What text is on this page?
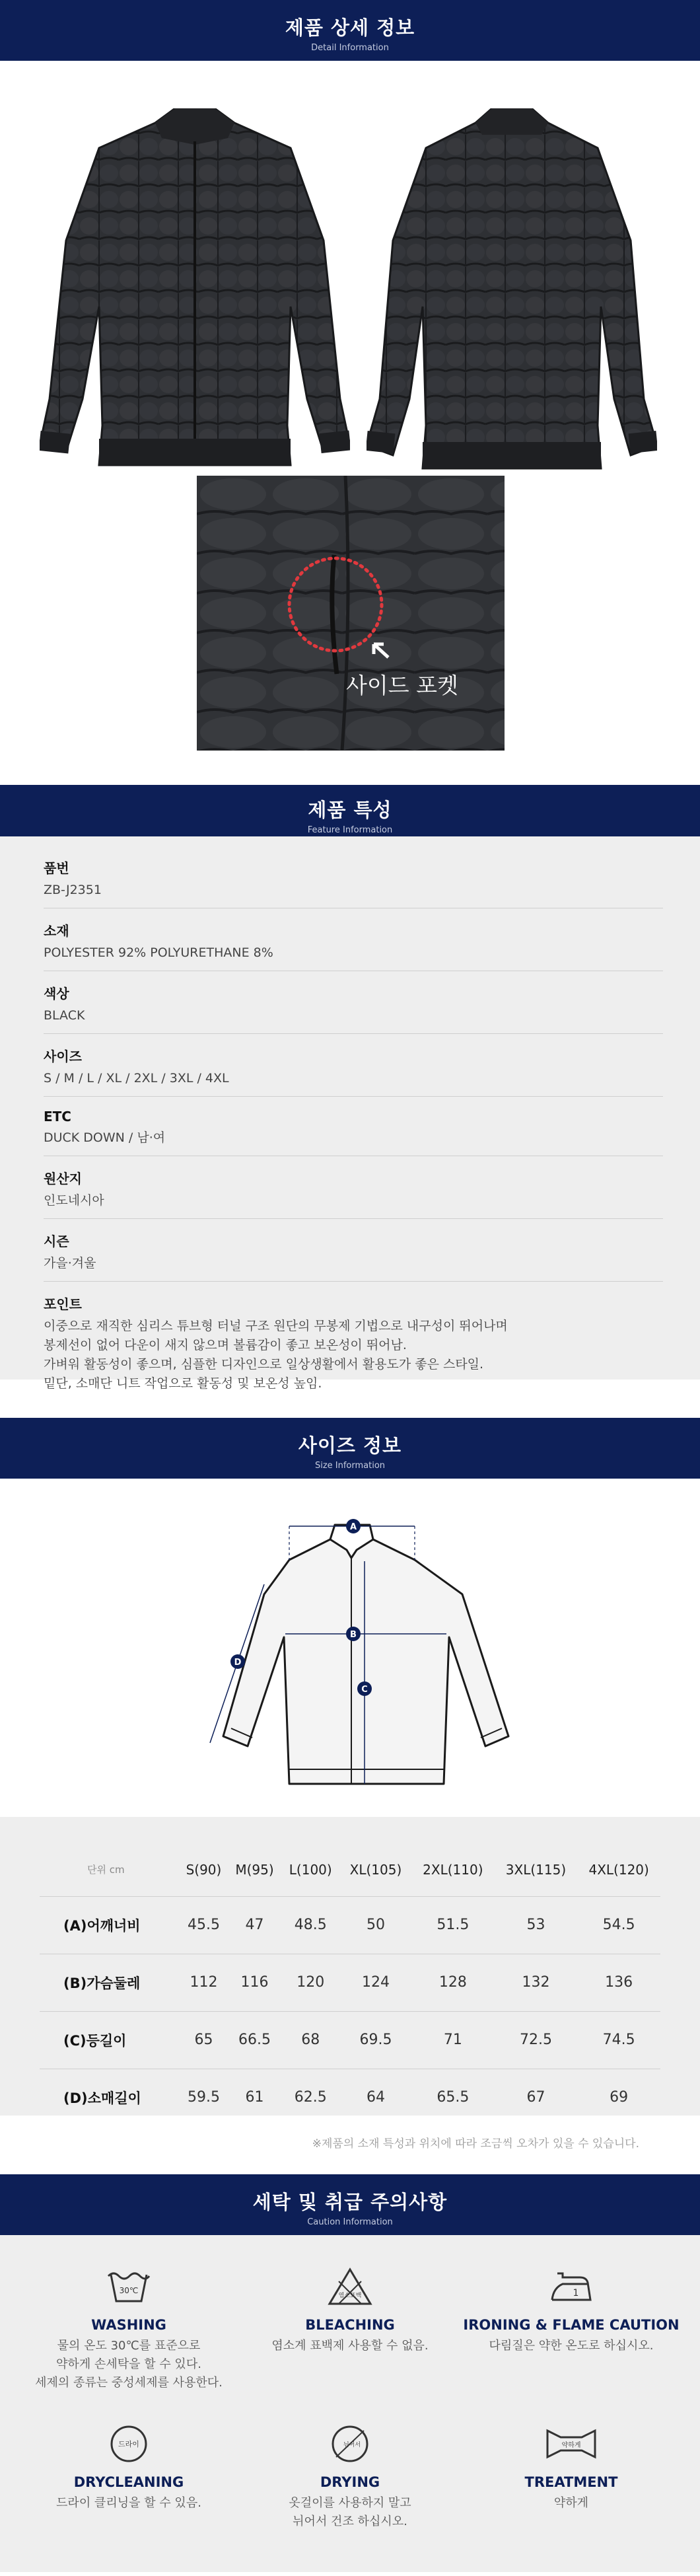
제품 상세 정보
Detail Information
사이드 포켓
제품 특성
Feature Information
품번
ZB-J2351
소재
POLYESTER 92% POLYURETHANE 8%
색상
BLACK
사이즈
S / M / L / XL / 2XL / 3XL / 4XL
ETC
DUCK DOWN / 남·여
원산지
인도네시아
시즌
가을·겨울
포인트
이중으로 재직한 심리스 튜브형 터널 구조 원단의 무봉제 기법으로 내구성이 뛰어나며
봉제선이 없어 다운이 새지 않으며 볼륨감이 좋고 보온성이 뛰어남.
가벼워 활동성이 좋으며, 심플한 디자인으로 일상생활에서 활용도가 좋은 스타일.
밑단, 소매단 니트 작업으로 활동성 및 보온성 높임.
사이즈 정보
Size Information
A
B
C
D
단위 cm	S(90)	M(95)	L(100)	XL(105)	2XL(110)	3XL(115)	4XL(120)
(A)어깨너비	45.5	47	48.5	50	51.5	53	54.5
(B)가슴둘레	112	116	120	124	128	132	136
(C)등길이	65	66.5	68	69.5	71	72.5	74.5
(D)소매길이	59.5	61	62.5	64	65.5	67	69
※제품의 소재 특성과 위치에 따라 조금씩 오차가 있을 수 있습니다.
세탁 및 취급 주의사항
Caution Information
30℃
WASHING
물의 온도 30℃를 표준으로
약하게 손세탁을 할 수 있다.
세제의 종류는 중성세제를 사용한다.
염소표백
BLEACHING
염소계 표백제 사용할 수 없음.
1
IRONING & FLAME CAUTION
다림질은 약한 온도로 하십시오.
드라이
DRYCLEANING
드라이 클리닝을 할 수 있음.
뉘어서
DRYING
옷걸이를 사용하지 말고
뉘어서 건조 하십시오.
약하게
TREATMENT
약하게
